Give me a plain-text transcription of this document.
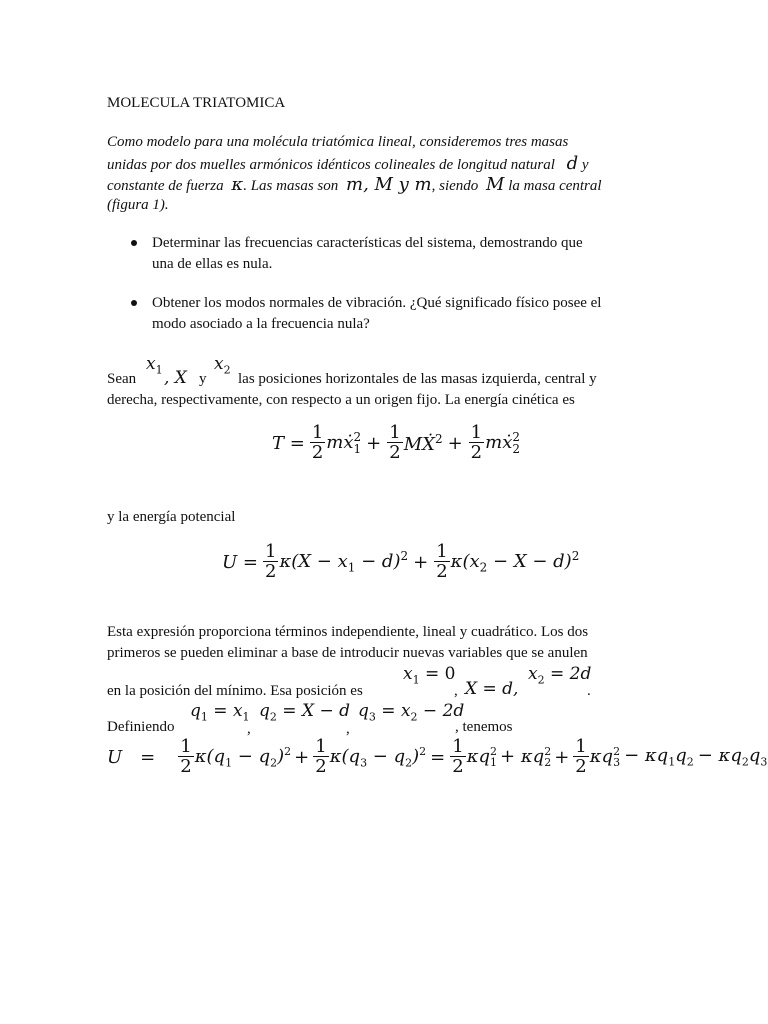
MOLECULA TRIATOMICA
Como modelo para una molécula triatómica lineal, consideremos tres masas
unidas por dos muelles armónicos idénticos colineales de longitud natural d y
constante de fuerza κ. Las masas son m, M y m, siendo M la masa central
(figura 1).
Determinar las frecuencias características del sistema, demostrando que
una de ellas es nula.
Obtener los modos normales de vibración. ¿Qué significado físico posee el
modo asociado a la frecuencia nula?
Sean
$x_1$ , X y
$x_2$
las posiciones horizontales de las masas izquierda, central y
derecha, respectivamente, con respecto a un origen fijo. La energía cinética es
$T = \frac{1}{2}$ mẋ 2
$1 + \frac{1}{2}$ MẊ$^2$ + $\frac{1}{2}$ mẋ 2
2
y la energía potencial
$U = \frac{1}{2} \kappa(X - x_1 - d)^2 + \frac{1}{2} \kappa(x_2 - X - d)^2$
Esta expresión proporciona términos independiente, lineal y cuadrático. Los dos
primeros se pueden eliminar a base de introducir nuevas variables que se anulen
en la posición del mínimo. Esa posición es
$x_1 = 0$
, X = d,
$x_2 = 2d$
.
Definiendo
$q_1 = x_1$
,
$q_2 = X - d$
,
$q_3 = x_2 - 2d$
, tenemos
$U = \frac{1}{2} \kappa(q_1 - q_2)^2 + \frac{1}{2} \kappa(q_3 - q_2)^2 = \frac{1}{2}$ κq 2
1 + κq 2
$2 + \frac{1}{2}$ κq 2
$3 - \kappa q_1q_2 - \kappa q_2q_3$
